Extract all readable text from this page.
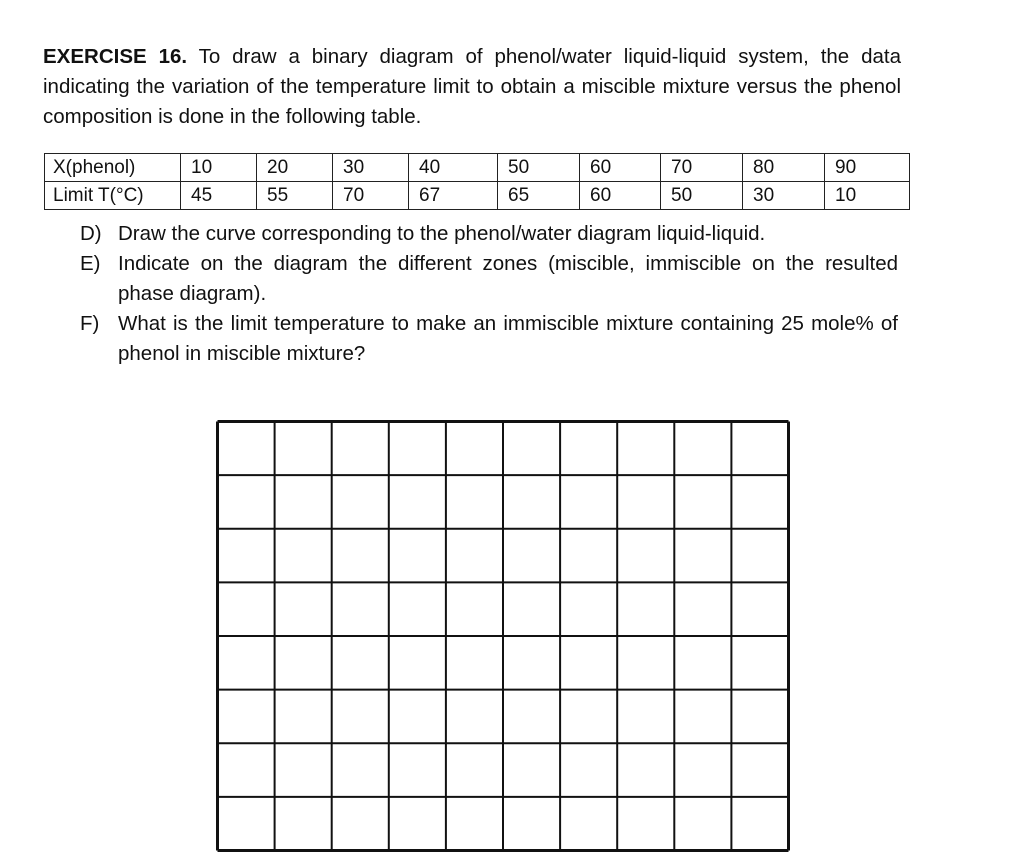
EXERCISE 16. To draw a binary diagram of phenol/water liquid-liquid system, the data indicating the variation of the temperature limit to obtain a miscible mixture versus the phenol composition is done in the following table.

X(phenol)	10	20	30	40	50	60	70	80	90
Limit T(°C)	45	55	70	67	65	60	50	30	10
D) Draw the curve corresponding to the phenol/water diagram liquid-liquid.
E) Indicate on the diagram the different zones (miscible, immiscible on the resulted phase diagram).
F) What is the limit temperature to make an immiscible mixture containing 25 mole% of phenol in miscible mixture?
